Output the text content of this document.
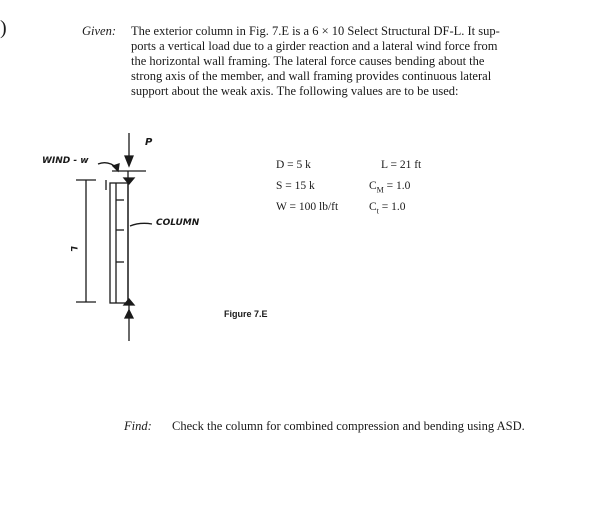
)	Given: The exterior column in Fig. 7.E is a 6 × 10 Select Structural DF-L. It sup-
ports a vertical load due to a girder reaction and a lateral wind force from
the horizontal wall framing. The lateral force causes bending about the
strong axis of the member, and wall framing provides continuous lateral
support about the weak axis. The following values are to be used:
D = 5 k
S = 15 k
W = 100 lb/ft
L = 21 ft
$C_M = 1.0$
$C_t = 1.0$
P
WIND - w
COLUMN
L
Figure 7.E
Find: Check the column for combined compression and bending using ASD.
